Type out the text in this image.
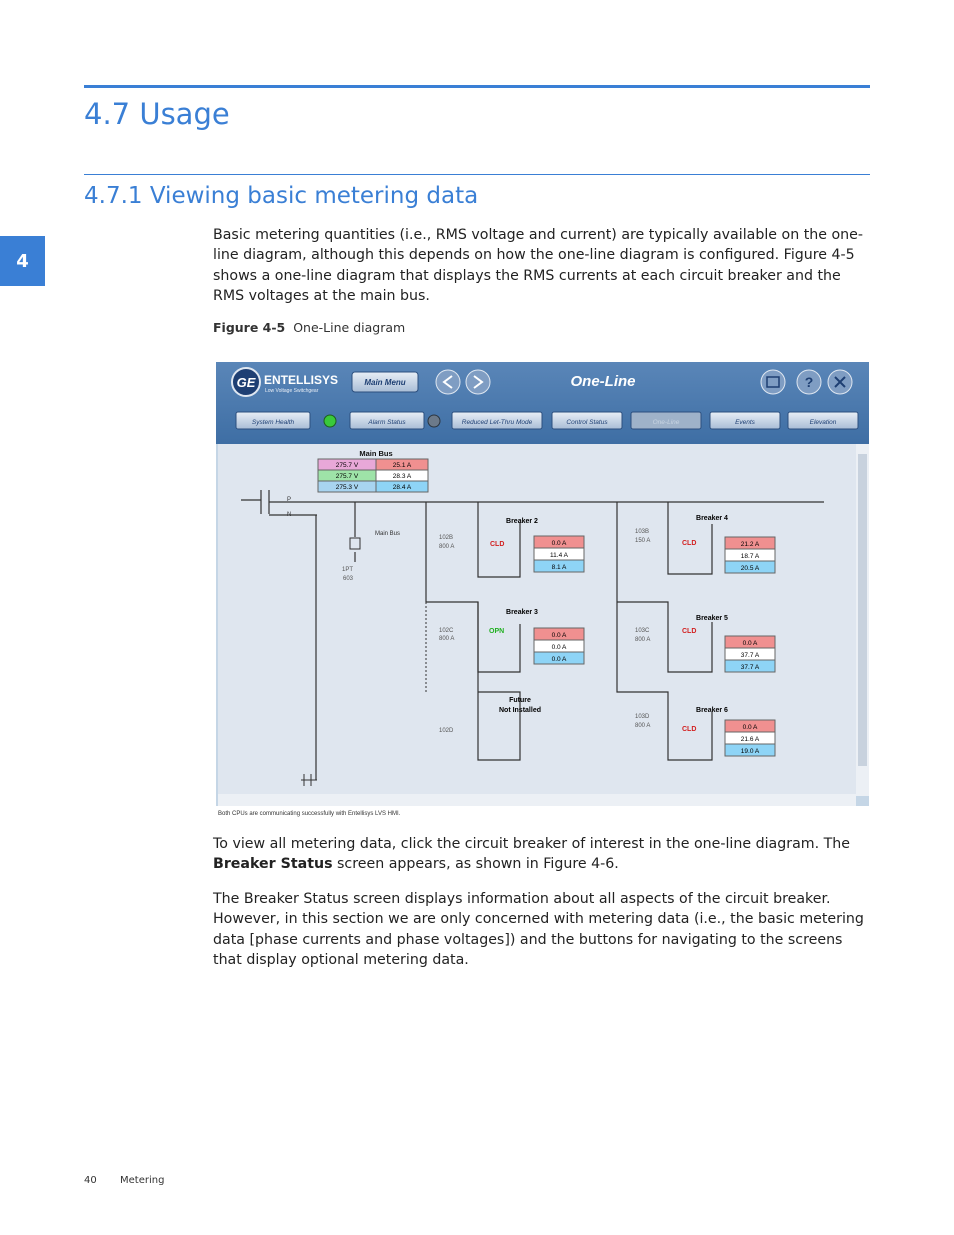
4.7 Usage
4.7.1 Viewing basic metering data
4
Basic metering quantities (i.e., RMS voltage and current) are typically available on the one-line diagram, although this depends on how the one-line diagram is configured. Figure 4-5 shows a one-line diagram that displays the RMS currents at each circuit breaker and the RMS voltages at the main bus.
Figure 4-5 One-Line diagram
GE ENTELLISYS
Low Voltage Switchgear
Main Menu	One-Line	?
System Health	Alarm Status	Reduced Let-Thru Mode	Control Status	One-Line	Events	Elevation
Both CPUs are communicating successfully with Entellisys LVS HMI.
1PT
603
Main Bus
P
N
Main Bus
275.7 V
275.7 V
275.3 V
25.1 A
28.3 A
28.4 A
Breaker 2
102B
800 A	CLD	0.0 A
11.4 A
8.1 A
Breaker 3
102C
800 A
OPN
0.0 A
0.0 A
0.0 A
Future
Not Installed
102D
Breaker 4
103B
150 A	CLD	21.2 A
18.7 A
20.5 A
Breaker 5
103C
800 A
CLD
0.0 A
37.7 A
37.7 A
Breaker 6
103D
800 A	CLD	0.0 A
21.6 A
19.0 A
To view all metering data, click the circuit breaker of interest in the one-line diagram. The Breaker Status screen appears, as shown in Figure 4-6.
The Breaker Status screen displays information about all aspects of the circuit breaker. However, in this section we are only concerned with metering data (i.e., the basic metering data [phase currents and phase voltages]) and the buttons for navigating to the screens that display optional metering data.
40 Metering
